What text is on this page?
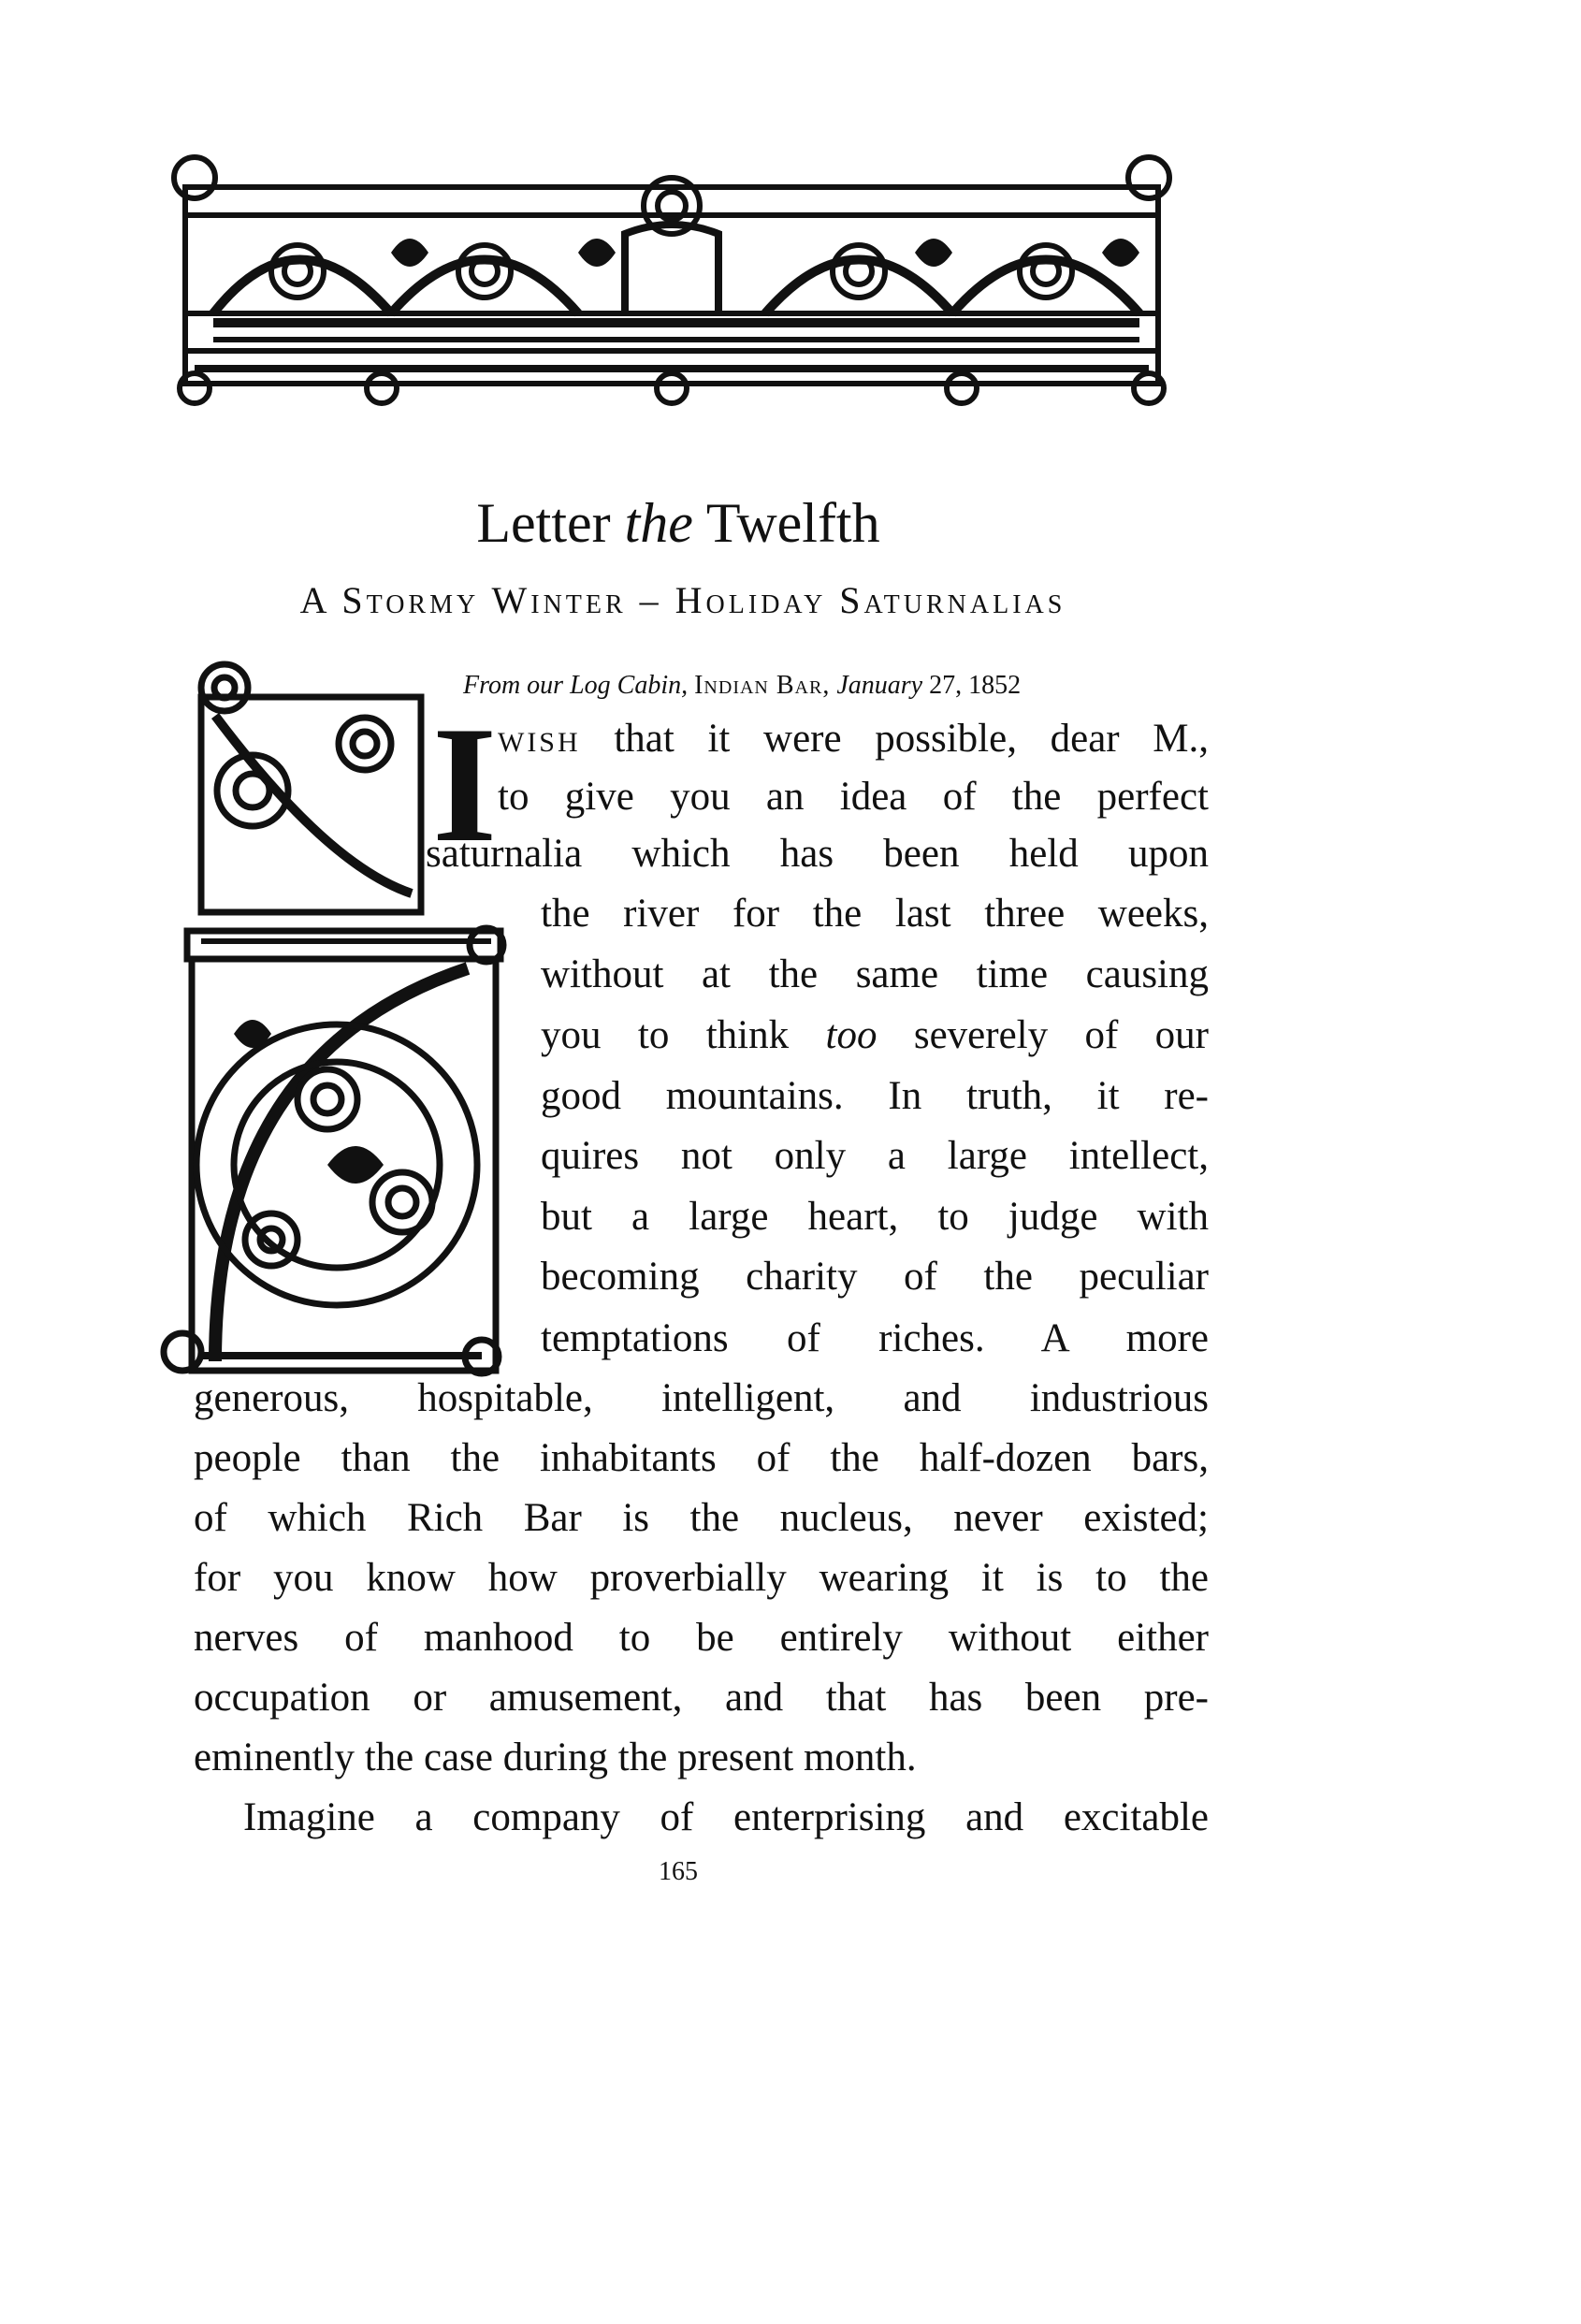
Letter the Twelfth
A Stormy Winter – Holiday Saturnalias
From our Log Cabin, Indian Bar, January 27, 1852
I wish that it were possible, dear M.,
to give you an idea of the perfect
saturnalia which has been held upon
the river for the last three weeks,
without at the same time causing
you to think too severely of our
good mountains. In truth, it re-
quires not only a large intellect,
but a large heart, to judge with
becoming charity of the peculiar
temptations of riches. A more
generous, hospitable, intelligent, and industrious
people than the inhabitants of the half-dozen bars,
of which Rich Bar is the nucleus, never existed;
for you know how proverbially wearing it is to the
nerves of manhood to be entirely without either
occupation or amusement, and that has been pre-
eminently the case during the present month.
Imagine a company of enterprising and excitable
165
